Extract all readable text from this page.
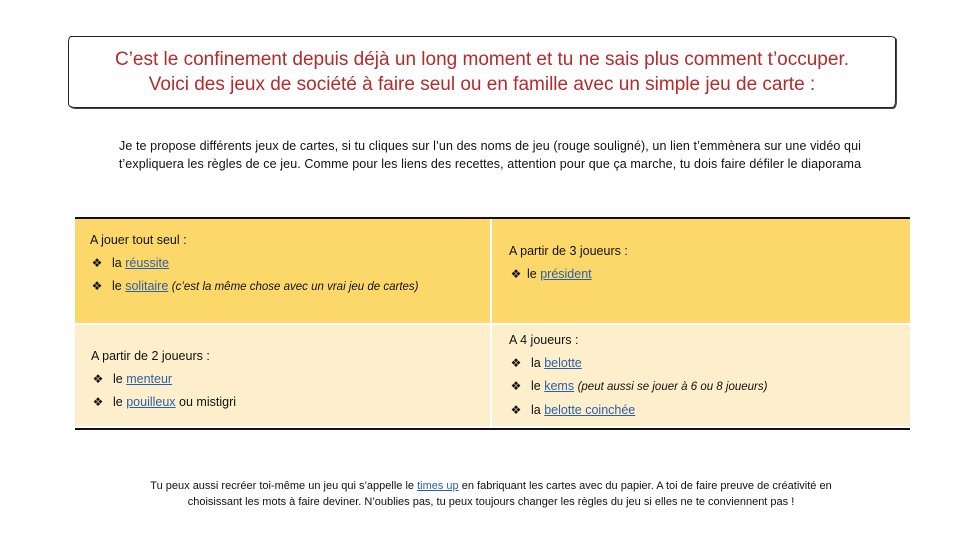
C’est le confinement depuis déjà un long moment et tu ne sais plus comment t’occuper.
Voici des jeux de société à faire seul ou en famille avec un simple jeu de carte :
Je te propose différents jeux de cartes, si tu cliques sur l’un des noms de jeu (rouge souligné), un lien t’emmènera sur une vidéo qui
t’expliquera les règles de ce jeu. Comme pour les liens des recettes, attention pour que ça marche, tu dois faire défiler le diaporama
A jouer tout seul :
❖ la réussite
❖ le solitaire (c’est la même chose avec un vrai jeu de cartes)
A partir de 3 joueurs :
❖ le président
A partir de 2 joueurs :
❖ le menteur
❖ le pouilleux ou mistigri
A 4 joueurs :
❖ la belotte
❖ le kems (peut aussi se jouer à 6 ou 8 joueurs)
❖ la belotte coinchée
Tu peux aussi recréer toi-même un jeu qui s’appelle le times up en fabriquant les cartes avec du papier. A toi de faire preuve de créativité en
choisissant les mots à faire deviner. N’oublies pas, tu peux toujours changer les règles du jeu si elles ne te conviennent pas !
